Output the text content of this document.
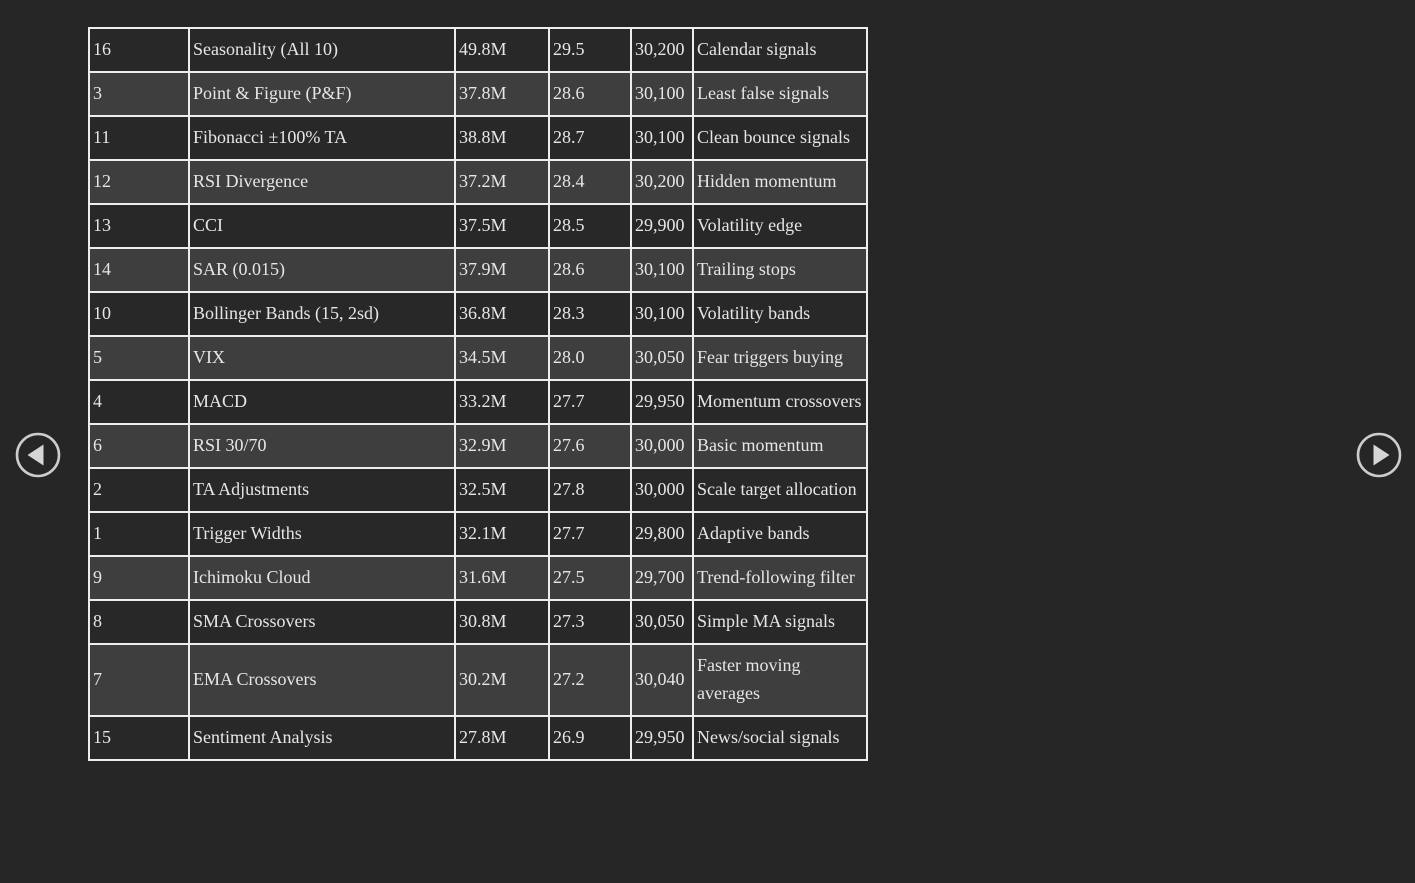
16	Seasonality (All 10)	49.8M	29.5	30,200	Calendar signals
3	Point & Figure (P&F)	37.8M	28.6	30,100	Least false signals
11	Fibonacci ±100% TA	38.8M	28.7	30,100	Clean bounce signals
12	RSI Divergence	37.2M	28.4	30,200	Hidden momentum
13	CCI	37.5M	28.5	29,900	Volatility edge
14	SAR (0.015)	37.9M	28.6	30,100	Trailing stops
10	Bollinger Bands (15, 2sd)	36.8M	28.3	30,100	Volatility bands
5	VIX	34.5M	28.0	30,050	Fear triggers buying
4	MACD	33.2M	27.7	29,950	Momentum crossovers
6	RSI 30/70	32.9M	27.6	30,000	Basic momentum
2	TA Adjustments	32.5M	27.8	30,000	Scale target allocation
1	Trigger Widths	32.1M	27.7	29,800	Adaptive bands
9	Ichimoku Cloud	31.6M	27.5	29,700	Trend-following filter
8	SMA Crossovers	30.8M	27.3	30,050	Simple MA signals
7	EMA Crossovers	30.2M	27.2	30,040	Faster moving averages
15	Sentiment Analysis	27.8M	26.9	29,950	News/social signals
